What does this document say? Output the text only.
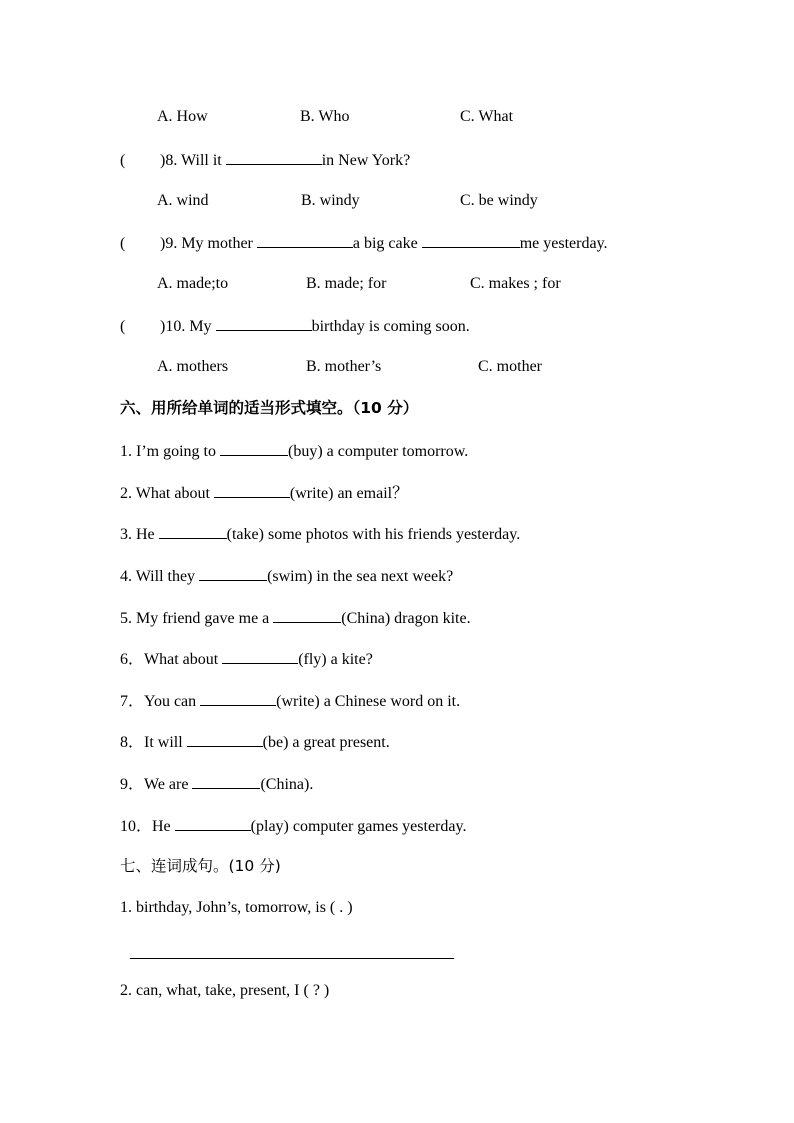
A. How	B. Who	C. What
( )8. Will it	in New York?
A. wind	B. windy	C. be windy
( )9. My mother	a big cake	me yesterday.
A. made;to	B. made; for	C. makes ; for
( )10. My	birthday is coming soon.
A. mothers	B. mother’s	C. mother
六、用所给单词的适当形式填空。（10 分）
1. I’m going to	(buy) a computer tomorrow.
2. What about	(write) an email？
3. He	(take) some photos with his friends yesterday.
4. Will they	(swim) in the sea next week?
5. My friend gave me a	(China) dragon kite.
6．What about	(fly) a kite?
7．You can	(write) a Chinese word on it.
8．It will	(be) a great present.
9．We are	(China).
10．He	(play) computer games yesterday.
七、连词成句。(10 分)
1. birthday, John’s, tomorrow, is ( . )
2. can, what, take, present, I ( ? )
